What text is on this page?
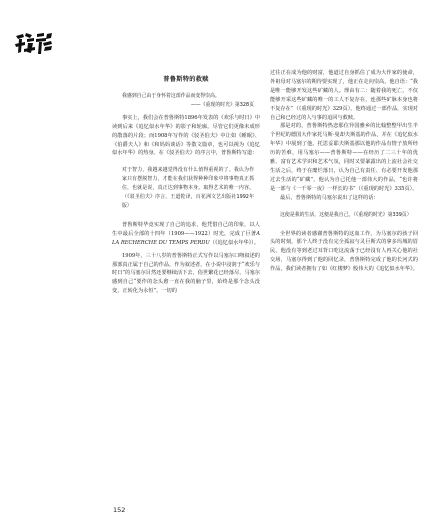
普鲁斯特的救赎
我感到自己由于身怀着这部作品而变得崇高。
——《重现的时光》第328页

事实上，我们会在普鲁斯特1896年发表的《欢乐与时日》中读到后来《追忆似水年华》的影子和轮廓。尽管它们更像未成形的散落的片段；而1908年写作的《驳圣伯夫》中让如《睡眠》、《伯爵夫人》和《和妈妈谈话》等散文篇章，也可以视为《追忆似水年华》的热身。在《驳圣伯夫》的序言中，普鲁斯特写道：

对于智力，我越来越觉得没有什么值得重视的了。我认为作家只有摆脱智力，才能在我们获得种种印象中将事物真正抓住，也就是说，真正达到事物本身。取得艺术的唯一内容。（《驳圣伯夫》序言，王道乾译，百花洲文艺出版社1992年版）

普鲁斯特毕竟实现了自己的追求，他凭借自己的印象，以人生中最后全部的十四年（1909——1922）时光，完成了巨著A LA RECHERCHE DU TEMPS PERDU（《追忆似水年华》）。

1909年，三十八岁的普鲁斯特正式写作以马塞尔口吻叙述的那部真正属于自己的作品，作为叙述者，在小说中浸润于“欢乐与时日”的马塞尔目然还要继续活下去，俗世繁花已经落尽，马塞尔感到自己“要作的念头愈一直在我的脑子里，始终是那个念头没变，正转化为永恒”。一切的

过往正在成为他的财富，他道过自身抓住了成为大作家的使命，外祖母对马塞尔的期待要实现了，他正在走向崇高，他自语：“我是唯一能够开发这些矿藏的人。理由有二：随着我的死亡，不仅能够开采这些矿藏的唯一的工人不复存在，连那些矿脉本身也将不复存在”（《重现的时光》329页），他终通过一部作品，实现对自己和已经过的人与事的追回与救赎。

那是对的，普鲁斯特热恋那位异国雅乡的比翰整整甲出生半个世纪的德国大作家托马斯·曼却夫斯基的作品，并在《追忆似水年华》中展到了他。托思妥耶夫斯基那以他的作品有情子放所经历的苦难，用马塞尔——普鲁斯特——在经历了二三十年的优雅、富有艺术学识和艺术气氛，同时又要暴露出的上流社会社交生活之后，终于在糜烂落日，认为自己有责任、有必要开发他那过去生活的“矿藏”，他认为自己托他一部伟大的作品，“也许将是一部与《一千零一夜》一样长的书”（《重现的时光》335页）。

最后，普鲁斯特的马塞尔说出了这样的话：

这使是我的生活，这便是我自己。（《重现的时光》第339页）

全世界的读者感谢普鲁斯特的这血工作，为马塞尔的孩子回头的时刻，那个人终于没有完全孤寂与灵巨斯式的拿多玛城的眉民，他没有等到老过耳背口吃这流荡于已经沒有人再关心他的社交场，马塞尔得到了他的回忆录，普鲁斯特完成了他的长河式的作品，我们读者拥有了如《红楼梦》般伟大的《追忆似水年华》。

152
